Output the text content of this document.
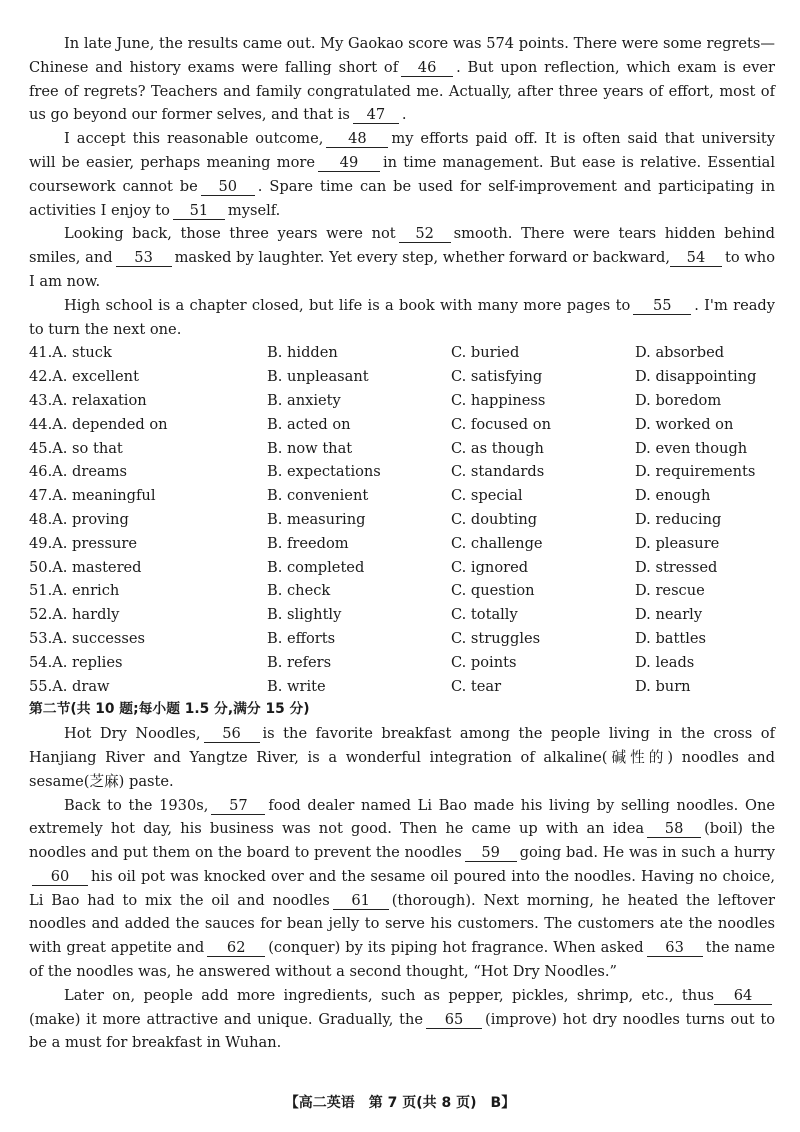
In late June, the results came out. My Gaokao score was 574 points. There were some regrets—Chinese and history exams were falling short of 46 . But upon reflection, which exam is ever free of regrets? Teachers and family congratulated me. Actually, after three years of effort, most of us go beyond our former selves, and that is 47 .

I accept this reasonable outcome, 48 my efforts paid off. It is often said that university will be easier, perhaps meaning more 49 in time management. But ease is relative. Essential coursework cannot be 50 . Spare time can be used for self-improvement and participating in activities I enjoy to 51 myself.

Looking back, those three years were not 52 smooth. There were tears hidden behind smiles, and 53 masked by laughter. Yet every step, whether forward or backward, 54 to who I am now.

High school is a chapter closed, but life is a book with many more pages to 55 . I'm ready to turn the next one.

41.A. stuck	B. hidden	C. buried	D. absorbed
42.A. excellent	B. unpleasant	C. satisfying	D. disappointing
43.A. relaxation	B. anxiety	C. happiness	D. boredom
44.A. depended on	B. acted on	C. focused on	D. worked on
45.A. so that	B. now that	C. as though	D. even though
46.A. dreams	B. expectations	C. standards	D. requirements
47.A. meaningful	B. convenient	C. special	D. enough
48.A. proving	B. measuring	C. doubting	D. reducing
49.A. pressure	B. freedom	C. challenge	D. pleasure
50.A. mastered	B. completed	C. ignored	D. stressed
51.A. enrich	B. check	C. question	D. rescue
52.A. hardly	B. slightly	C. totally	D. nearly
53.A. successes	B. efforts	C. struggles	D. battles
54.A. replies	B. refers	C. points	D. leads
55.A. draw	B. write	C. tear	D. burn

第二节(共 10 题;每小题 1.5 分,满分 15 分)

Hot Dry Noodles, 56 is the favorite breakfast among the people living in the cross of Hanjiang River and Yangtze River, is a wonderful integration of alkaline(碱性的) noodles and sesame(芝麻) paste.

Back to the 1930s, 57 food dealer named Li Bao made his living by selling noodles. One extremely hot day, his business was not good. Then he came up with an idea 58 (boil) the noodles and put them on the board to prevent the noodles 59 going bad. He was in such a hurry60 his oil pot was knocked over and the sesame oil poured into the noodles. Having no choice, Li Bao had to mix the oil and noodles 61 (thorough). Next morning, he heated the leftover noodles and added the sauces for bean jelly to serve his customers. The customers ate the noodles with great appetite and 62 (conquer) by its piping hot fragrance. When asked 63 the name of the noodles was, he answered without a second thought, “Hot Dry Noodles.”

Later on, people add more ingredients, such as pepper, pickles, shrimp, etc., thus 64(make) it more attractive and unique. Gradually, the 65 (improve) hot dry noodles turns out to be a must for breakfast in Wuhan.

【高二英语　第 7 页(共 8 页)　B】
